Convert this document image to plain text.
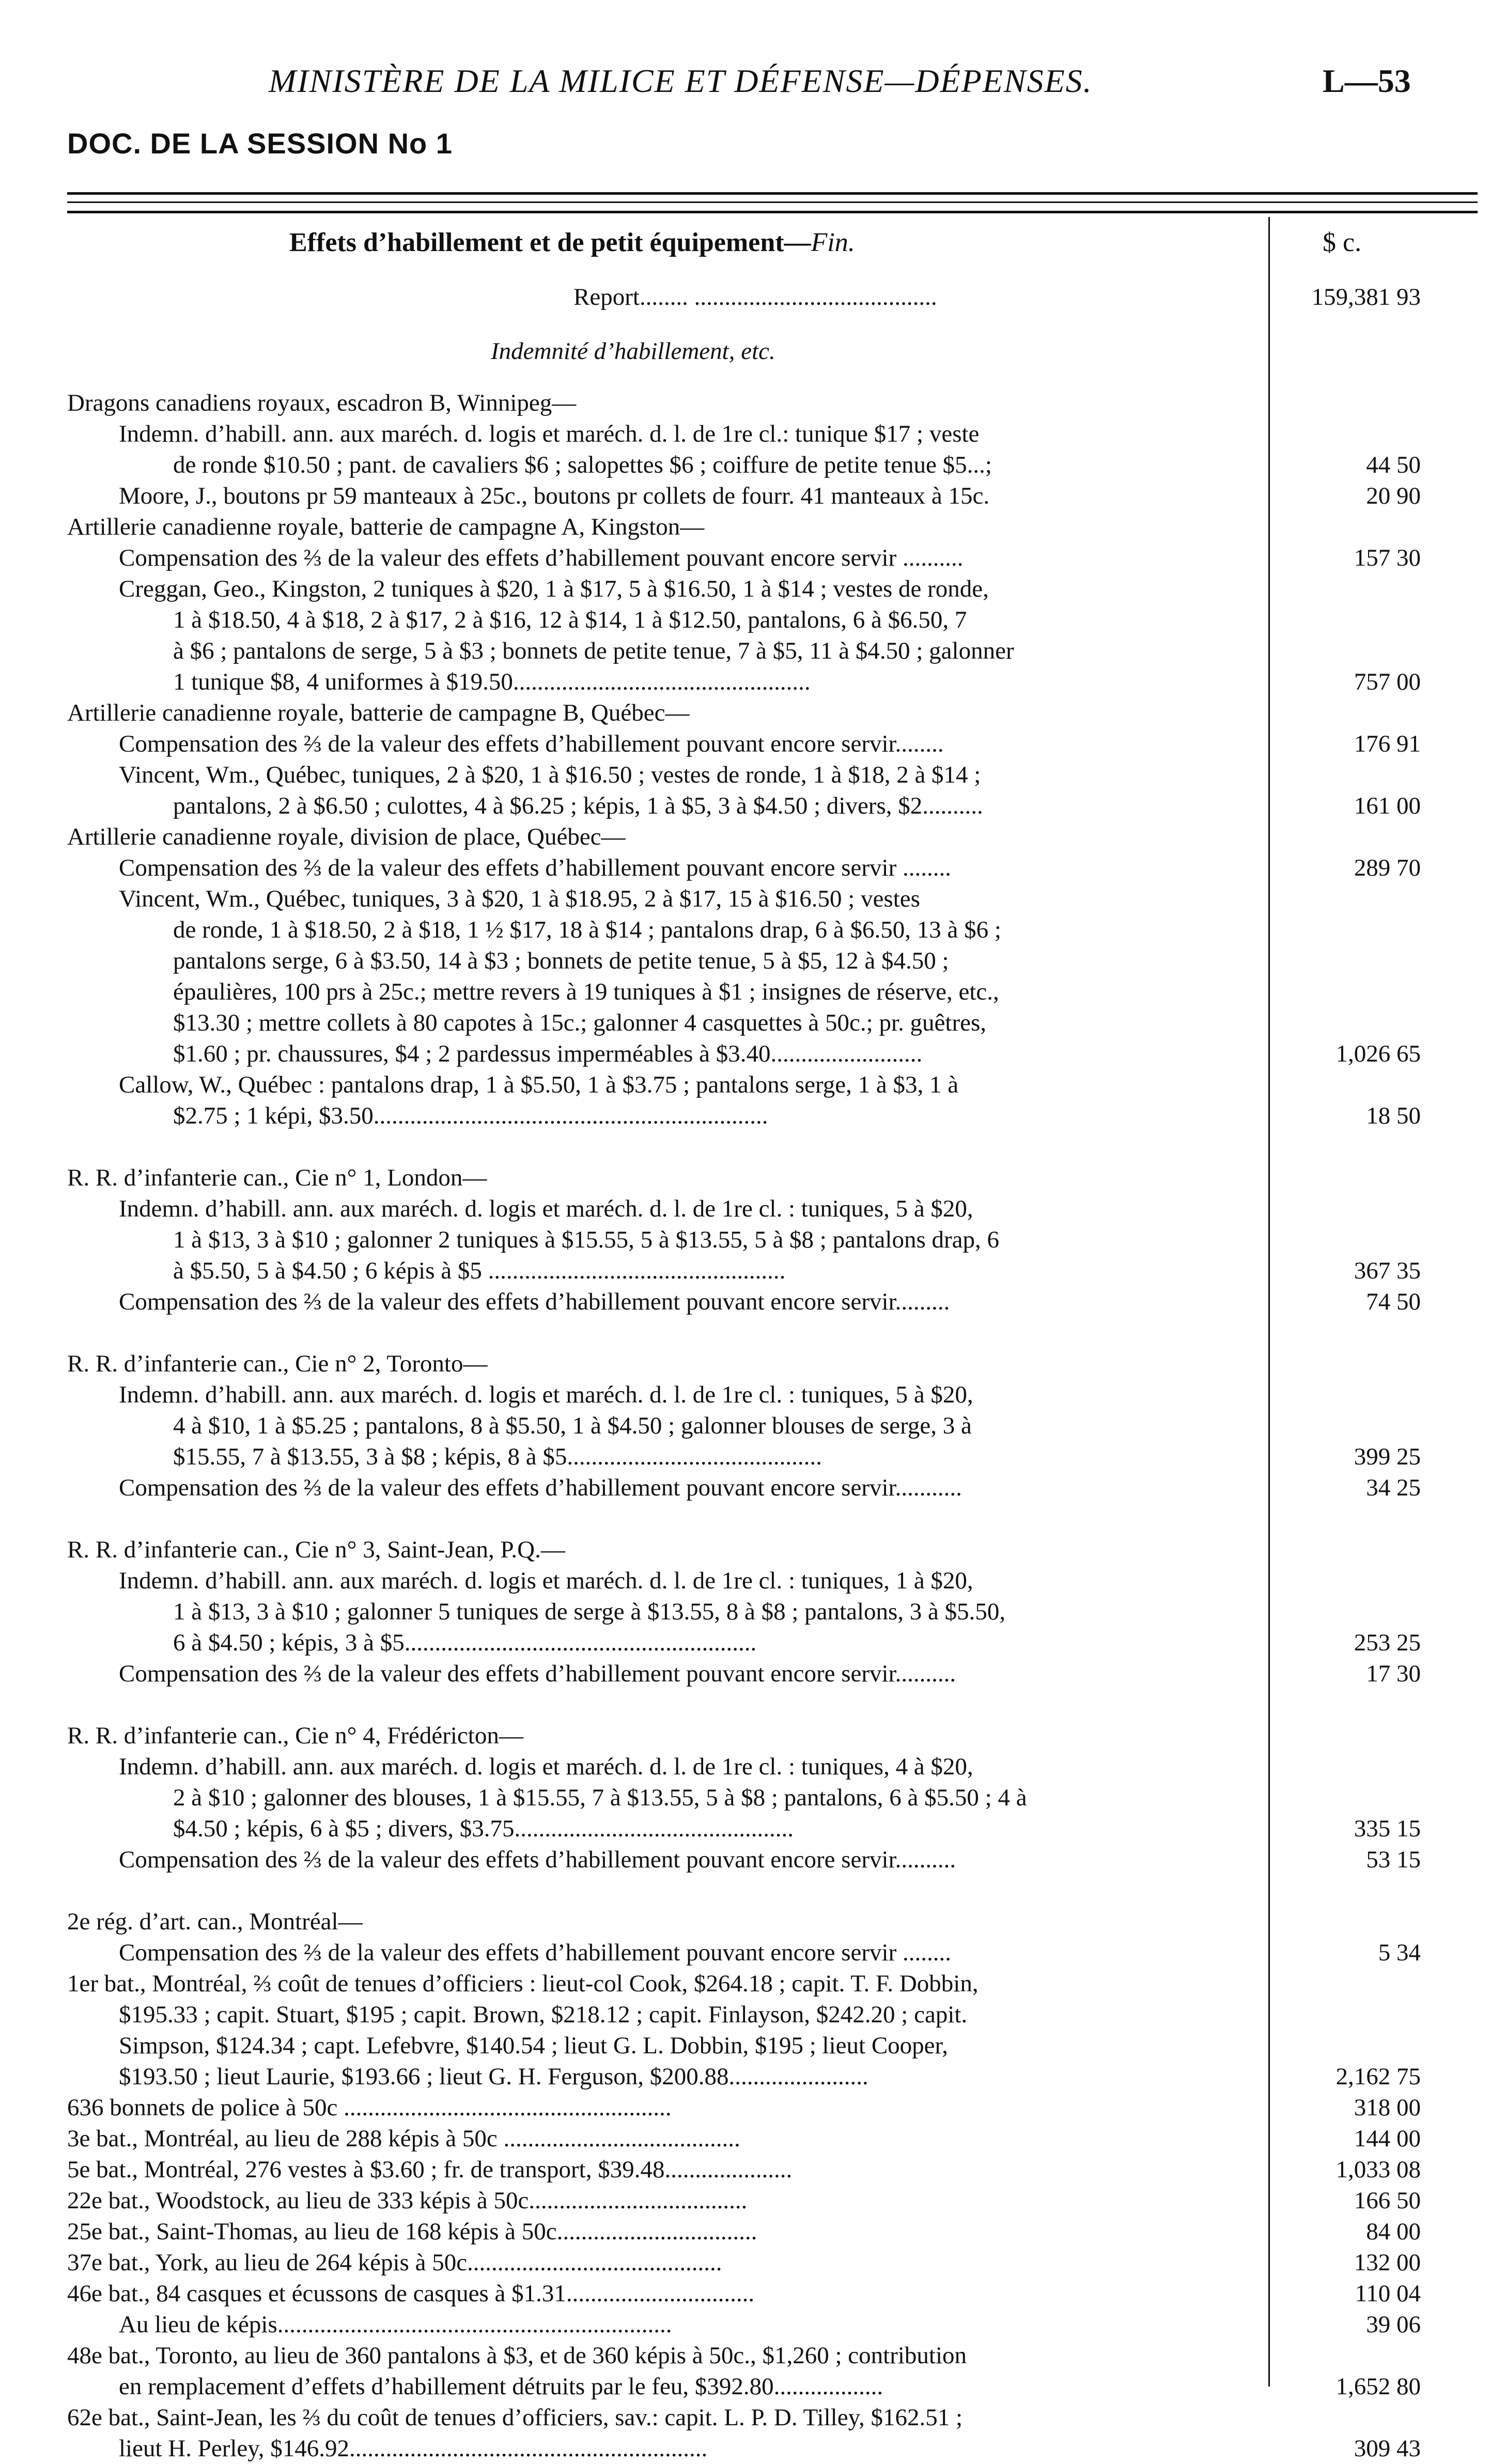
MINISTÈRE DE LA MILICE ET DÉFENSE—DÉPENSES.	L—53
DOC. DE LA SESSION No 1
Effets d’habillement et de petit équipement—Fin.	$ c.
Report........ ........................................
Indemnité d’habillement, etc.
Dragons canadiens royaux, escadron B, Winnipeg—
Indemn. d’habill. ann. aux maréch. d. logis et maréch. d. l. de 1re cl.: tunique $17 ; veste
de ronde $10.50 ; pant. de cavaliers $6 ; salopettes $6 ; coiffure de petite tenue $5...;
Moore, J., boutons pr 59 manteaux à 25c., boutons pr collets de fourr. 41 manteaux à 15c.
Artillerie canadienne royale, batterie de campagne A, Kingston—
Compensation des ⅔ de la valeur des effets d’habillement pouvant encore servir ..........
Creggan, Geo., Kingston, 2 tuniques à $20, 1 à $17, 5 à $16.50, 1 à $14 ; vestes de ronde,
1 à $18.50, 4 à $18, 2 à $17, 2 à $16, 12 à $14, 1 à $12.50, pantalons, 6 à $6.50, 7
à $6 ; pantalons de serge, 5 à $3 ; bonnets de petite tenue, 7 à $5, 11 à $4.50 ; galonner
1 tunique $8, 4 uniformes à $19.50.................................................
Artillerie canadienne royale, batterie de campagne B, Québec—
Compensation des ⅔ de la valeur des effets d’habillement pouvant encore servir........
Vincent, Wm., Québec, tuniques, 2 à $20, 1 à $16.50 ; vestes de ronde, 1 à $18, 2 à $14 ;
pantalons, 2 à $6.50 ; culottes, 4 à $6.25 ; képis, 1 à $5, 3 à $4.50 ; divers, $2..........
Artillerie canadienne royale, division de place, Québec—
Compensation des ⅔ de la valeur des effets d’habillement pouvant encore servir ........
Vincent, Wm., Québec, tuniques, 3 à $20, 1 à $18.95, 2 à $17, 15 à $16.50 ; vestes
de ronde, 1 à $18.50, 2 à $18, 1 ½ $17, 18 à $14 ; pantalons drap, 6 à $6.50, 13 à $6 ;
pantalons serge, 6 à $3.50, 14 à $3 ; bonnets de petite tenue, 5 à $5, 12 à $4.50 ;
épaulières, 100 prs à 25c.; mettre revers à 19 tuniques à $1 ; insignes de réserve, etc.,
$13.30 ; mettre collets à 80 capotes à 15c.; galonner 4 casquettes à 50c.; pr. guêtres,
$1.60 ; pr. chaussures, $4 ; 2 pardessus imperméables à $3.40.........................
Callow, W., Québec : pantalons drap, 1 à $5.50, 1 à $3.75 ; pantalons serge, 1 à $3, 1 à
$2.75 ; 1 képi, $3.50.................................................................
R. R. d’infanterie can., Cie n° 1, London—
Indemn. d’habill. ann. aux maréch. d. logis et maréch. d. l. de 1re cl. : tuniques, 5 à $20,
1 à $13, 3 à $10 ; galonner 2 tuniques à $15.55, 5 à $13.55, 5 à $8 ; pantalons drap, 6
à $5.50, 5 à $4.50 ; 6 képis à $5 .................................................
Compensation des ⅔ de la valeur des effets d’habillement pouvant encore servir.........
R. R. d’infanterie can., Cie n° 2, Toronto—
Indemn. d’habill. ann. aux maréch. d. logis et maréch. d. l. de 1re cl. : tuniques, 5 à $20,
4 à $10, 1 à $5.25 ; pantalons, 8 à $5.50, 1 à $4.50 ; galonner blouses de serge, 3 à
$15.55, 7 à $13.55, 3 à $8 ; képis, 8 à $5..........................................
Compensation des ⅔ de la valeur des effets d’habillement pouvant encore servir...........
R. R. d’infanterie can., Cie n° 3, Saint-Jean, P.Q.—
Indemn. d’habill. ann. aux maréch. d. logis et maréch. d. l. de 1re cl. : tuniques, 1 à $20,
1 à $13, 3 à $10 ; galonner 5 tuniques de serge à $13.55, 8 à $8 ; pantalons, 3 à $5.50,
6 à $4.50 ; képis, 3 à $5..........................................................
Compensation des ⅔ de la valeur des effets d’habillement pouvant encore servir..........
R. R. d’infanterie can., Cie n° 4, Frédéricton—
Indemn. d’habill. ann. aux maréch. d. logis et maréch. d. l. de 1re cl. : tuniques, 4 à $20,
2 à $10 ; galonner des blouses, 1 à $15.55, 7 à $13.55, 5 à $8 ; pantalons, 6 à $5.50 ; 4 à
$4.50 ; képis, 6 à $5 ; divers, $3.75..............................................
Compensation des ⅔ de la valeur des effets d’habillement pouvant encore servir..........
2e rég. d’art. can., Montréal—
Compensation des ⅔ de la valeur des effets d’habillement pouvant encore servir ........
1er bat., Montréal, ⅔ coût de tenues d’officiers : lieut-col Cook, $264.18 ; capit. T. F. Dobbin,
$195.33 ; capit. Stuart, $195 ; capit. Brown, $218.12 ; capit. Finlayson, $242.20 ; capit.
Simpson, $124.34 ; capt. Lefebvre, $140.54 ; lieut G. L. Dobbin, $195 ; lieut Cooper,
$193.50 ; lieut Laurie, $193.66 ; lieut G. H. Ferguson, $200.88.......................
636 bonnets de police à 50c ......................................................
3e bat., Montréal, au lieu de 288 képis à 50c .......................................
5e bat., Montréal, 276 vestes à $3.60 ; fr. de transport, $39.48.....................
22e bat., Woodstock, au lieu de 333 képis à 50c....................................
25e bat., Saint-Thomas, au lieu de 168 képis à 50c.................................
37e bat., York, au lieu de 264 képis à 50c..........................................
46e bat., 84 casques et écussons de casques à $1.31...............................
Au lieu de képis.................................................................
48e bat., Toronto, au lieu de 360 pantalons à $3, et de 360 képis à 50c., $1,260 ; contribution
en remplacement d’effets d’habillement détruits par le feu, $392.80..................
62e bat., Saint-Jean, les ⅔ du coût de tenues d’officiers, sav.: capit. L. P. D. Tilley, $162.51 ;
lieut H. Perley, $146.92...........................................................
159,381 93
44 50
20 90
157 30
757 00
176 91
161 00
289 70
1,026 65
18 50
367 35
74 50
399 25
34 25
253 25
17 30
335 15
53 15
5 34
2,162 75
318 00
144 00
1,033 08
166 50
84 00
132 00
110 04
39 06
1,652 80
309 43
